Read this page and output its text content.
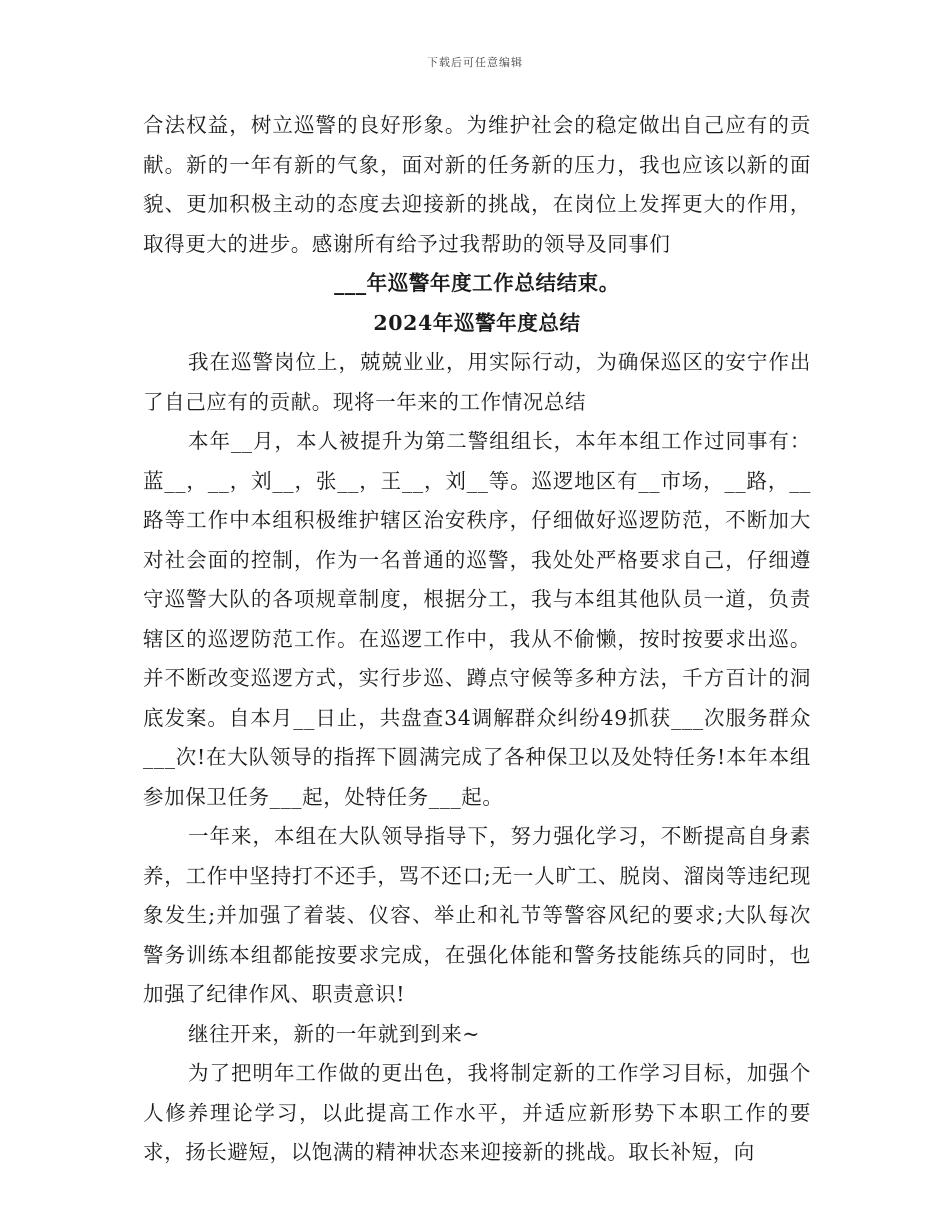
下载后可任意编辑

合法权益，树立巡警的良好形象。为维护社会的稳定做出自己应有的贡献。新的一年有新的气象，面对新的任务新的压力，我也应该以新的面貌、更加积极主动的态度去迎接新的挑战，在岗位上发挥更大的作用，取得更大的进步。感谢所有给予过我帮助的领导及同事们

___年巡警年度工作总结结束。

2024年巡警年度总结

我在巡警岗位上，兢兢业业，用实际行动，为确保巡区的安宁作出了自己应有的贡献。现将一年来的工作情况总结

本年__月，本人被提升为第二警组组长，本年本组工作过同事有：蓝__，__，刘__，张__，王__，刘__等。巡逻地区有__市场，__路，__路等工作中本组积极维护辖区治安秩序，仔细做好巡逻防范，不断加大对社会面的控制，作为一名普通的巡警，我处处严格要求自己，仔细遵守巡警大队的各项规章制度，根据分工，我与本组其他队员一道，负责辖区的巡逻防范工作。在巡逻工作中，我从不偷懒，按时按要求出巡。并不断改变巡逻方式，实行步巡、蹲点守候等多种方法，千方百计的洞底发案。自本月__日止，共盘查34调解群众纠纷49抓获___次服务群众___次!在大队领导的指挥下圆满完成了各种保卫以及处特任务!本年本组参加保卫任务___起，处特任务___起。

一年来，本组在大队领导指导下，努力强化学习，不断提高自身素养，工作中坚持打不还手，骂不还口;无一人旷工、脱岗、溜岗等违纪现象发生;并加强了着装、仪容、举止和礼节等警容风纪的要求;大队每次警务训练本组都能按要求完成，在强化体能和警务技能练兵的同时，也加强了纪律作风、职责意识!

继往开来，新的一年就到到来~

为了把明年工作做的更出色，我将制定新的工作学习目标，加强个人修养理论学习，以此提高工作水平，并适应新形势下本职工作的要求，扬长避短，以饱满的精神状态来迎接新的挑战。取长补短，向
